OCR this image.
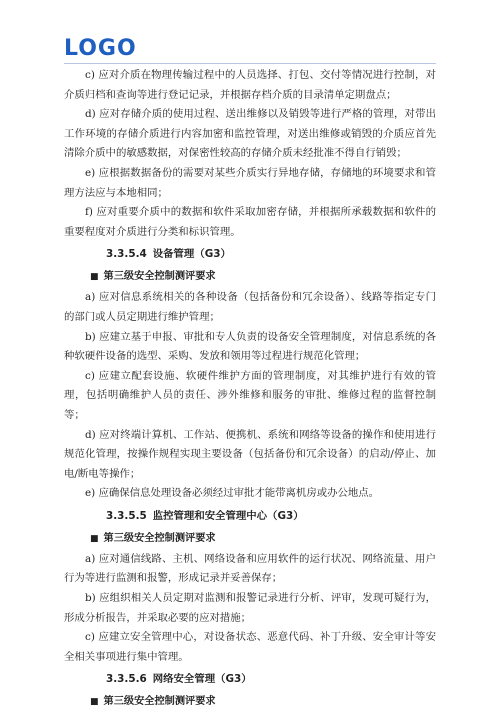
LOGO

c) 应对介质在物理传输过程中的人员选择、打包、交付等情况进行控制，对介质归档和查询等进行登记记录，并根据存档介质的目录清单定期盘点；

d) 应对存储介质的使用过程、送出维修以及销毁等进行严格的管理，对带出工作环境的存储介质进行内容加密和监控管理，对送出维修或销毁的介质应首先清除介质中的敏感数据，对保密性较高的存储介质未经批准不得自行销毁；

e) 应根据数据备份的需要对某些介质实行异地存储，存储地的环境要求和管理方法应与本地相同；

f) 应对重要介质中的数据和软件采取加密存储，并根据所承载数据和软件的重要程度对介质进行分类和标识管理。

3.3.5.4 设备管理（G3）
■ 第三级安全控制测评要求

a) 应对信息系统相关的各种设备（包括备份和冗余设备）、线路等指定专门的部门或人员定期进行维护管理；

b) 应建立基于申报、审批和专人负责的设备安全管理制度，对信息系统的各种软硬件设备的选型、采购、发放和领用等过程进行规范化管理；

c) 应建立配套设施、软硬件维护方面的管理制度，对其维护进行有效的管理，包括明确维护人员的责任、涉外维修和服务的审批、维修过程的监督控制等；

d) 应对终端计算机、工作站、便携机、系统和网络等设备的操作和使用进行规范化管理，按操作规程实现主要设备（包括备份和冗余设备）的启动/停止、加电/断电等操作；

e) 应确保信息处理设备必须经过审批才能带离机房或办公地点。

3.3.5.5 监控管理和安全管理中心（G3）
■ 第三级安全控制测评要求

a) 应对通信线路、主机、网络设备和应用软件的运行状况、网络流量、用户行为等进行监测和报警，形成记录并妥善保存；

b) 应组织相关人员定期对监测和报警记录进行分析、评审，发现可疑行为，形成分析报告，并采取必要的应对措施；

c) 应建立安全管理中心，对设备状态、恶意代码、补丁升级、安全审计等安全相关事项进行集中管理。

3.3.5.6 网络安全管理（G3）
■ 第三级安全控制测评要求
